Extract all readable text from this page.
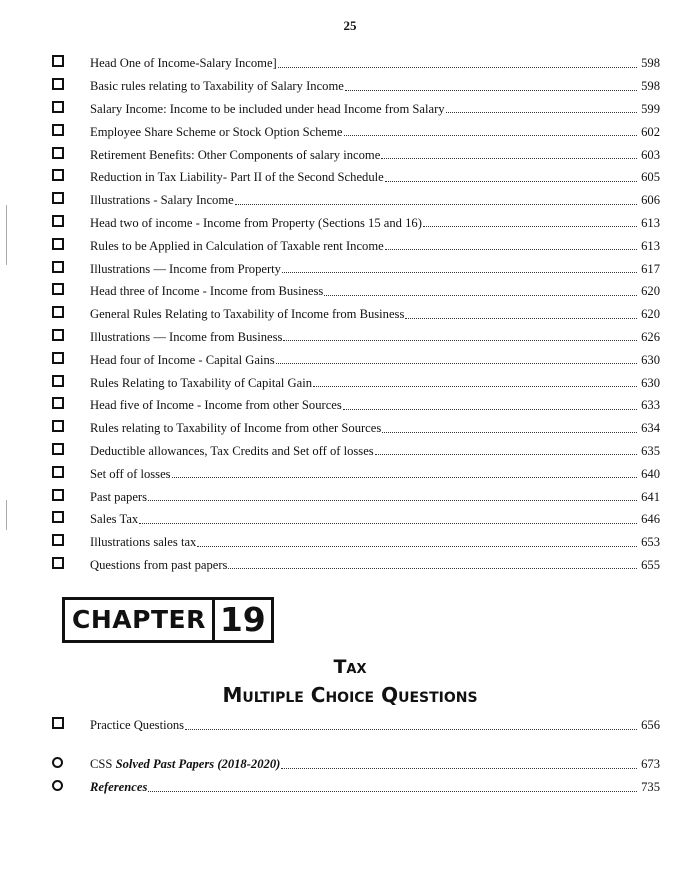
25
Head One of Income-Salary Income]	598
Basic rules relating to Taxability of Salary Income	598
Salary Income: Income to be included under head Income from Salary	599
Employee Share Scheme or Stock Option Scheme	602
Retirement Benefits: Other Components of salary income	603
Reduction in Tax Liability- Part II of the Second Schedule	605
Illustrations - Salary Income	606
Head two of income - Income from Property (Sections 15 and 16)	613
Rules to be Applied in Calculation of Taxable rent Income	613
Illustrations — Income from Property	617
Head three of Income - Income from Business	620
General Rules Relating to Taxability of Income from Business	620
Illustrations — Income from Business	626
Head four of Income - Capital Gains	630
Rules Relating to Taxability of Capital Gain	630
Head five of Income - Income from other Sources	633
Rules relating to Taxability of Income from other Sources	634
Deductible allowances, Tax Credits and Set off of losses	635
Set off of losses	640
Past papers	641
Sales Tax	646
Illustrations sales tax	653
Questions from past papers	655
CHAPTER 19
Tax
Multiple Choice Questions
Practice Questions	656
CSS Solved Past Papers (2018-2020)	673
References	735
